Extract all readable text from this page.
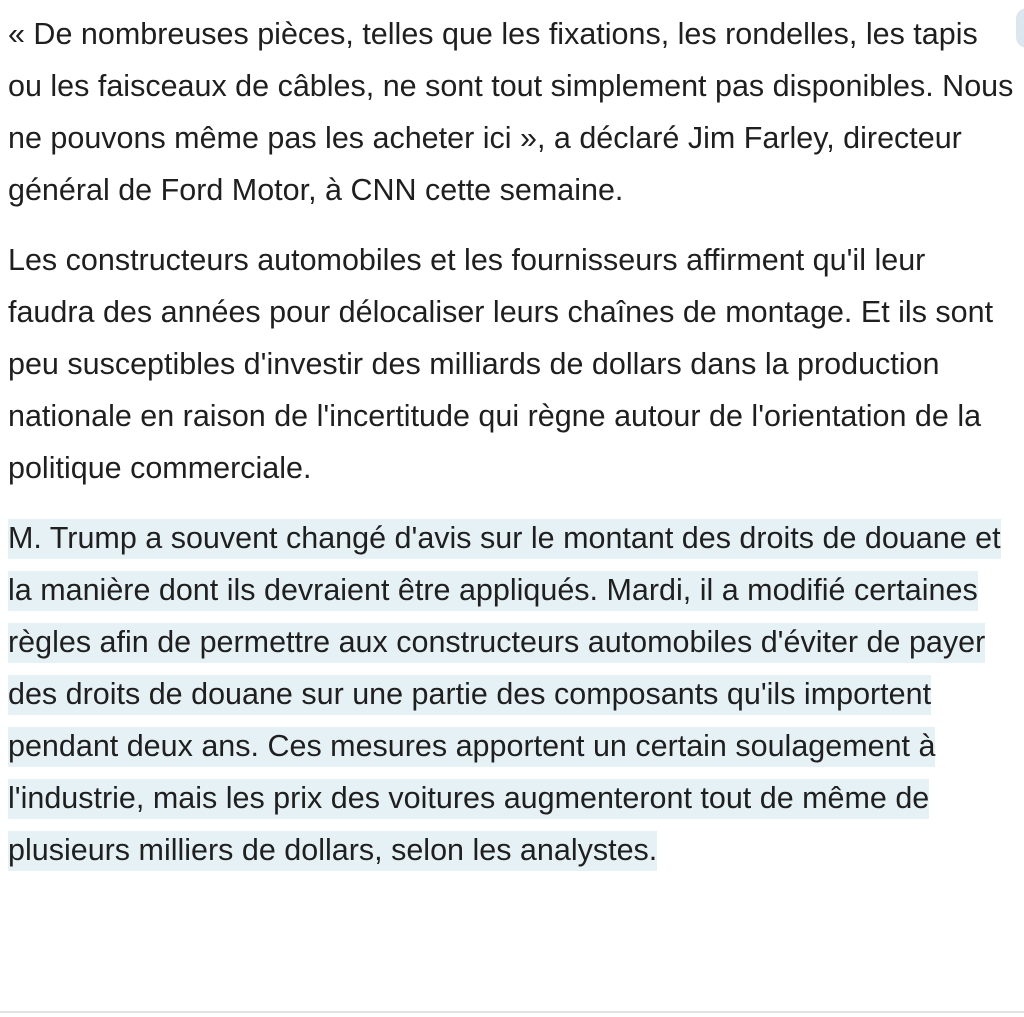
« De nombreuses pièces, telles que les fixations, les rondelles, les tapis ou les faisceaux de câbles, ne sont tout simplement pas disponibles. Nous ne pouvons même pas les acheter ici », a déclaré Jim Farley, directeur général de Ford Motor, à CNN cette semaine.

Les constructeurs automobiles et les fournisseurs affirment qu'il leur faudra des années pour délocaliser leurs chaînes de montage. Et ils sont peu susceptibles d'investir des milliards de dollars dans la production nationale en raison de l'incertitude qui règne autour de l'orientation de la politique commerciale.

M. Trump a souvent changé d'avis sur le montant des droits de douane et la manière dont ils devraient être appliqués. Mardi, il a modifié certaines règles afin de permettre aux constructeurs automobiles d'éviter de payer des droits de douane sur une partie des composants qu'ils importent pendant deux ans. Ces mesures apportent un certain soulagement à l'industrie, mais les prix des voitures augmenteront tout de même de plusieurs milliers de dollars, selon les analystes.
